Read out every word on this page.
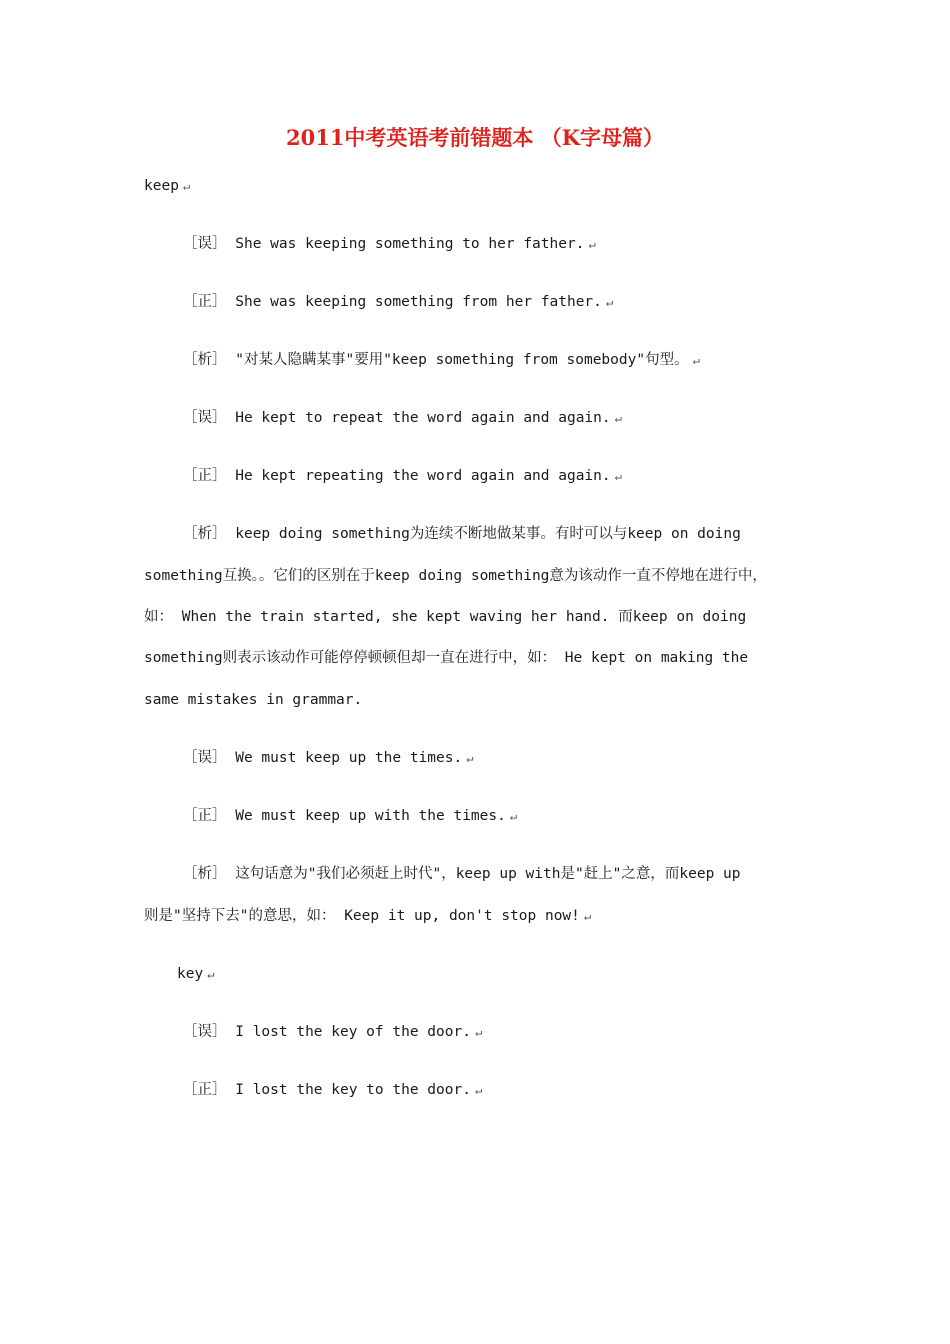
2011中考英语考前错题本 （K字母篇）
keep ↵
［误］ She was keeping something to her father. ↵
［正］ She was keeping something from her father. ↵
［析］ "对某人隐瞒某事"要用"keep something from somebody"句型。 ↵
［误］ He kept to repeat the word again and again. ↵
［正］ He kept repeating the word again and again. ↵
［析］ keep doing something为连续不断地做某事。有时可以与keep on doing
something互换。。它们的区别在于keep doing something意为该动作一直不停地在进行中，
如： When the train started, she kept waving her hand. 而keep on doing
something则表示该动作可能停停顿顿但却一直在进行中，如： He kept on making the
same mistakes in grammar.
［误］ We must keep up the times. ↵
［正］ We must keep up with the times. ↵
［析］ 这句话意为"我们必须赶上时代"，keep up with是"赶上"之意，而keep up
则是"坚持下去"的意思，如： Keep it up, don't stop now! ↵
key ↵
［误］ I lost the key of the door. ↵
［正］ I lost the key to the door. ↵
